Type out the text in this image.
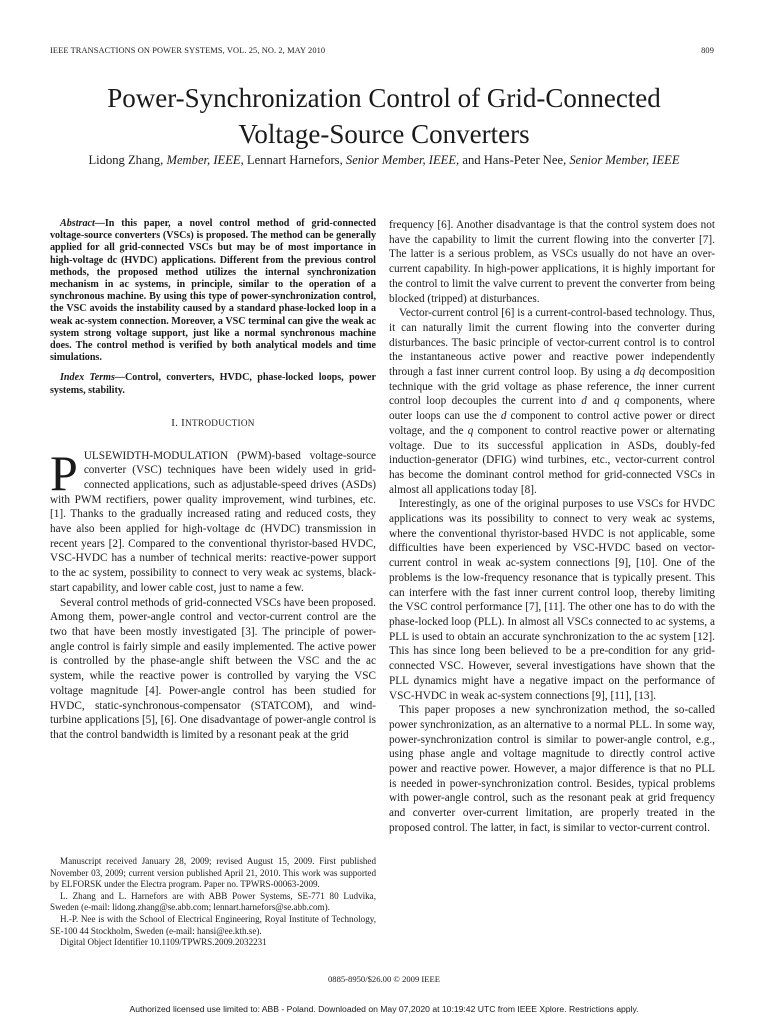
IEEE TRANSACTIONS ON POWER SYSTEMS, VOL. 25, NO. 2, MAY 2010	809
Power-Synchronization Control of Grid-Connected
Voltage-Source Converters
Lidong Zhang, Member, IEEE, Lennart Harnefors, Senior Member, IEEE, and Hans-Peter Nee, Senior Member, IEEE

Abstract—In this paper, a novel control method of grid-connected voltage-source converters (VSCs) is proposed. The method can be generally applied for all grid-connected VSCs but may be of most importance in high-voltage dc (HVDC) applications. Different from the previous control methods, the proposed method utilizes the internal synchronization mechanism in ac systems, in principle, similar to the operation of a synchronous machine. By using this type of power-synchronization control, the VSC avoids the instability caused by a standard phase-locked loop in a weak ac-system connection. Moreover, a VSC terminal can give the weak ac system strong voltage support, just like a normal synchronous machine does. The control method is verified by both analytical models and time simulations.

Index Terms—Control, converters, HVDC, phase-locked loops, power systems, stability.

I. INTRODUCTION

PULSEWIDTH-MODULATION (PWM)-based voltage-source converter (VSC) techniques have been widely used in grid-connected applications, such as adjustable-speed drives (ASDs) with PWM rectifiers, power quality improvement, wind turbines, etc. [1]. Thanks to the gradually increased rating and reduced costs, they have also been applied for high-voltage dc (HVDC) transmission in recent years [2]. Compared to the conventional thyristor-based HVDC, VSC-HVDC has a number of technical merits: reactive-power support to the ac system, possibility to connect to very weak ac systems, black-start capability, and lower cable cost, just to name a few.

Several control methods of grid-connected VSCs have been proposed. Among them, power-angle control and vector-current control are the two that have been mostly investigated [3]. The principle of power-angle control is fairly simple and easily implemented. The active power is controlled by the phase-angle shift between the VSC and the ac system, while the reactive power is controlled by varying the VSC voltage magnitude [4]. Power-angle control has been studied for HVDC, static-synchronous-compensator (STATCOM), and wind-turbine applications [5], [6]. One disadvantage of power-angle control is that the control bandwidth is limited by a resonant peak at the grid

Manuscript received January 28, 2009; revised August 15, 2009. First published November 03, 2009; current version published April 21, 2010. This work was supported by ELFORSK under the Electra program. Paper no. TPWRS-00063-2009.

L. Zhang and L. Harnefors are with ABB Power Systems, SE-771 80 Ludvika, Sweden (e-mail: lidong.zhang@se.abb.com; lennart.harnefors@se.abb.com).

H.-P. Nee is with the School of Electrical Engineering, Royal Institute of Technology, SE-100 44 Stockholm, Sweden (e-mail: hansi@ee.kth.se).

Digital Object Identifier 10.1109/TPWRS.2009.2032231

frequency [6]. Another disadvantage is that the control system does not have the capability to limit the current flowing into the converter [7]. The latter is a serious problem, as VSCs usually do not have an over-current capability. In high-power applications, it is highly important for the control to limit the valve current to prevent the converter from being blocked (tripped) at disturbances.

Vector-current control [6] is a current-control-based technology. Thus, it can naturally limit the current flowing into the converter during disturbances. The basic principle of vector-current control is to control the instantaneous active power and reactive power independently through a fast inner current control loop. By using a dq decomposition technique with the grid voltage as phase reference, the inner current control loop decouples the current into d and q components, where outer loops can use the d component to control active power or direct voltage, and the q component to control reactive power or alternating voltage. Due to its successful application in ASDs, doubly-fed induction-generator (DFIG) wind turbines, etc., vector-current control has become the dominant control method for grid-connected VSCs in almost all applications today [8].

Interestingly, as one of the original purposes to use VSCs for HVDC applications was its possibility to connect to very weak ac systems, where the conventional thyristor-based HVDC is not applicable, some difficulties have been experienced by VSC-HVDC based on vector-current control in weak ac-system connections [9], [10]. One of the problems is the low-frequency resonance that is typically present. This can interfere with the fast inner current control loop, thereby limiting the VSC control performance [7], [11]. The other one has to do with the phase-locked loop (PLL). In almost all VSCs connected to ac systems, a PLL is used to obtain an accurate synchronization to the ac system [12]. This has since long been believed to be a pre-condition for any grid-connected VSC. However, several investigations have shown that the PLL dynamics might have a negative impact on the performance of VSC-HVDC in weak ac-system connections [9], [11], [13].

This paper proposes a new synchronization method, the so-called power synchronization, as an alternative to a normal PLL. In some way, power-synchronization control is similar to power-angle control, e.g., using phase angle and voltage magnitude to directly control active power and reactive power. However, a major difference is that no PLL is needed in power-synchronization control. Besides, typical problems with power-angle control, such as the resonant peak at grid frequency and converter over-current limitation, are properly treated in the proposed control. The latter, in fact, is similar to vector-current control.

0885-8950/$26.00 © 2009 IEEE
Authorized licensed use limited to: ABB - Poland. Downloaded on May 07,2020 at 10:19:42 UTC from IEEE Xplore. Restrictions apply.
